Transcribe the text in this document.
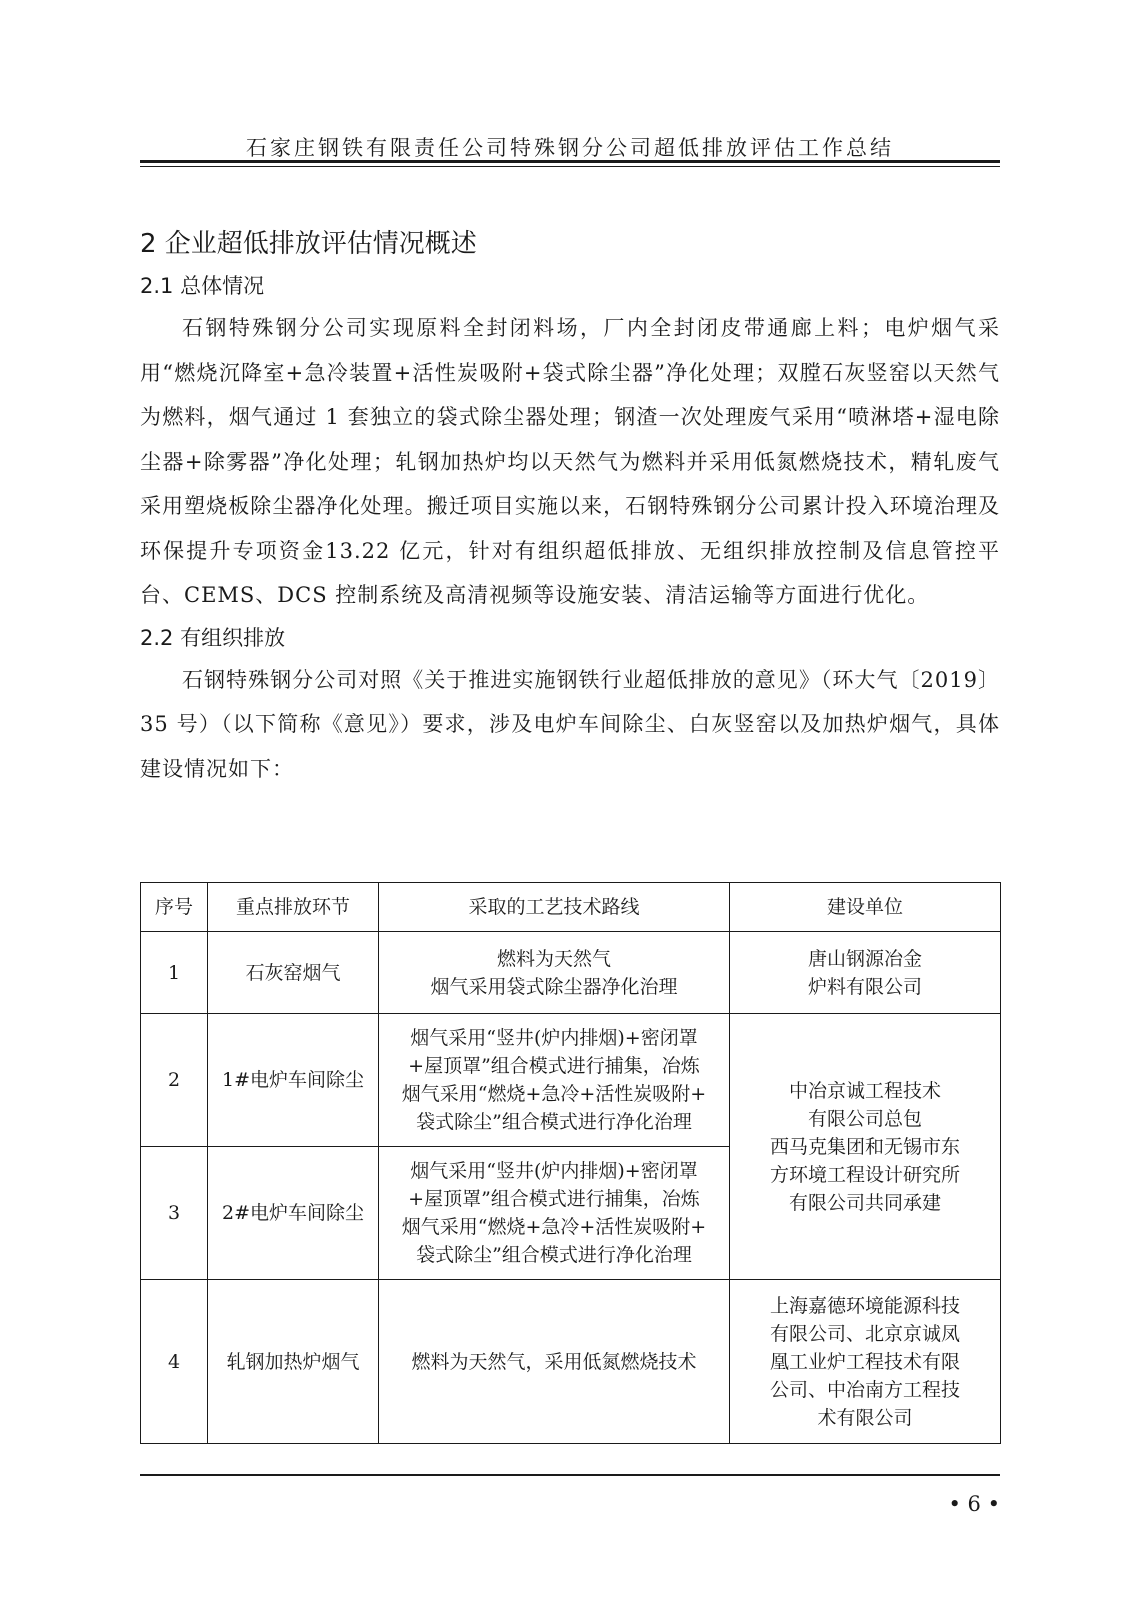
石家庄钢铁有限责任公司特殊钢分公司超低排放评估工作总结
2 企业超低排放评估情况概述
2.1 总体情况

石钢特殊钢分公司实现原料全封闭料场，厂内全封闭皮带通廊上料；电炉烟气采用“燃烧沉降室+急冷装置+活性炭吸附+袋式除尘器”净化处理；双膛石灰竖窑以天然气为燃料，烟气通过 1 套独立的袋式除尘器处理；钢渣一次处理废气采用“喷淋塔+湿电除尘器+除雾器”净化处理；轧钢加热炉均以天然气为燃料并采用低氮燃烧技术，精轧废气采用塑烧板除尘器净化处理。搬迁项目实施以来，石钢特殊钢分公司累计投入环境治理及环保提升专项资金13.22 亿元，针对有组织超低排放、无组织排放控制及信息管控平台、CEMS、DCS 控制系统及高清视频等设施安装、清洁运输等方面进行优化。

2.2 有组织排放

石钢特殊钢分公司对照《关于推进实施钢铁行业超低排放的意见》（环大气〔2019〕35 号）（以下简称《意见》）要求，涉及电炉车间除尘、白灰竖窑以及加热炉烟气，具体建设情况如下：

序号	重点排放环节	采取的工艺技术路线	建设单位
1	石灰窑烟气	燃料为天然气
烟气采用袋式除尘器净化治理	唐山钢源冶金
炉料有限公司

2	1#电炉车间除尘	烟气采用“竖井(炉内排烟)+密闭罩
+屋顶罩”组合模式进行捕集，冶炼
烟气采用“燃烧+急冷+活性炭吸附+
袋式除尘”组合模式进行净化治理	中冶京诚工程技术
有限公司总包
西马克集团和无锡市东
方环境工程设计研究所
有限公司共同承建

3	2#电炉车间除尘	烟气采用“竖井(炉内排烟)+密闭罩
+屋顶罩”组合模式进行捕集，冶炼
烟气采用“燃烧+急冷+活性炭吸附+
袋式除尘”组合模式进行净化治理	

4	轧钢加热炉烟气	燃料为天然气，采用低氮燃烧技术	上海嘉德环境能源科技
有限公司、北京京诚凤
凰工业炉工程技术有限
公司、中冶南方工程技
术有限公司
• 6 •
